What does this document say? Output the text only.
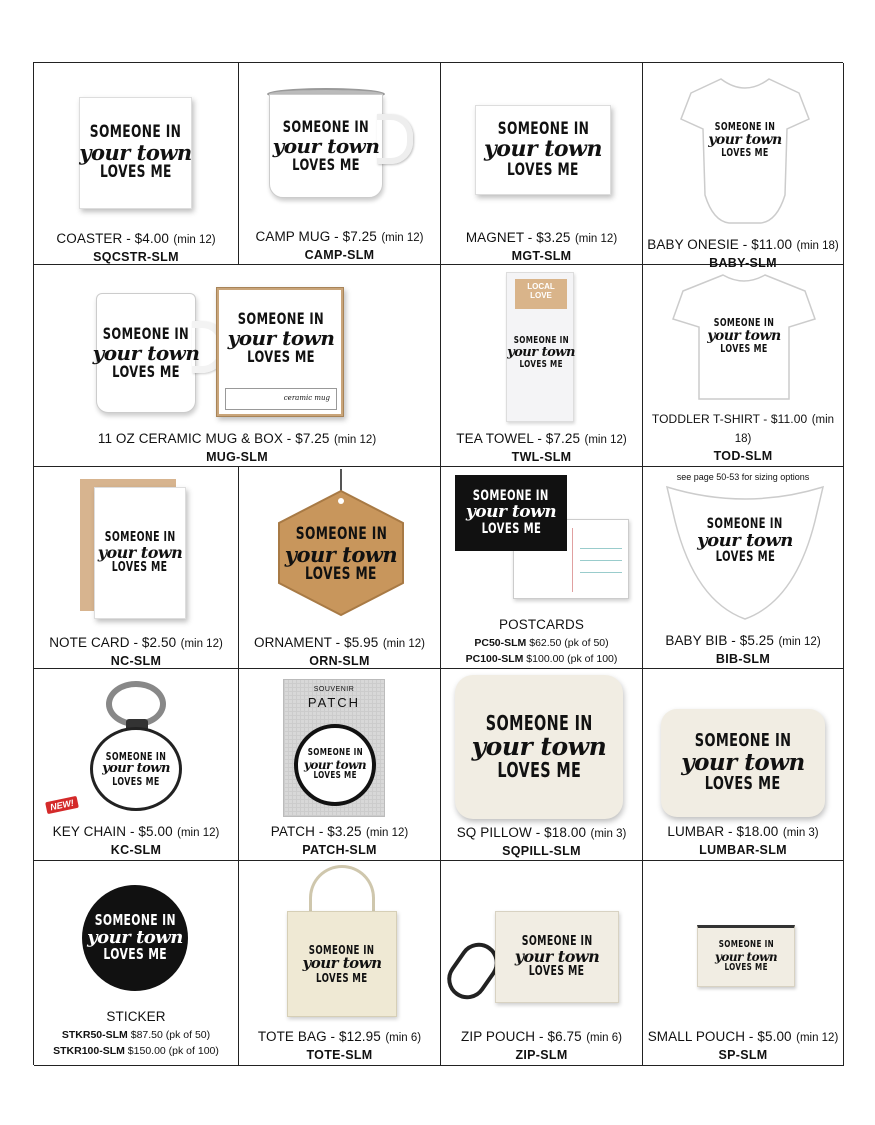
SOMEONE IN
your town
LOVES ME
COASTER - $4.00 (min 12)
SQCSTR-SLM
SOMEONE IN
your town
LOVES ME
CAMP MUG - $7.25 (min 12)
CAMP-SLM
SOMEONE IN
your town
LOVES ME
MAGNET - $3.25 (min 12)
MGT-SLM
SOMEONE IN
your town
LOVES ME
BABY ONESIE - $11.00 (min 18)
BABY-SLM
SOMEONE IN
your town
LOVES ME
SOMEONE IN
your town
LOVES ME
ceramic mug
11 OZ CERAMIC MUG & BOX - $7.25 (min 12)
MUG-SLM
LOCAL
LOVE
SOMEONE IN
your town
LOVES ME
TEA TOWEL - $7.25 (min 12)
TWL-SLM
SOMEONE IN
your town
LOVES ME
TODDLER T-SHIRT - $11.00 (min 18)
TOD-SLM
see page 50-53 for sizing options
SOMEONE IN
your town
LOVES ME
NOTE CARD - $2.50 (min 12)
NC-SLM
SOMEONE IN
your town
LOVES ME
ORNAMENT - $5.95 (min 12)
ORN-SLM
SOMEONE IN
your town
LOVES ME
POSTCARDS
PC50-SLM $62.50 (pk of 50)
PC100-SLM $100.00 (pk of 100)
SOMEONE IN
your town
LOVES ME
BABY BIB - $5.25 (min 12)
BIB-SLM
SOMEONE IN
your town
LOVES ME
NEW!
KEY CHAIN - $5.00 (min 12)
KC-SLM
SOUVENIR
PATCH
SOMEONE IN
your town
LOVES ME
PATCH - $3.25 (min 12)
PATCH-SLM
SOMEONE IN
your town
LOVES ME
SQ PILLOW - $18.00 (min 3)
SQPILL-SLM
SOMEONE IN
your town
LOVES ME
LUMBAR - $18.00 (min 3)
LUMBAR-SLM
SOMEONE IN
your town
LOVES ME
STICKER
STKR50-SLM $87.50 (pk of 50)
STKR100-SLM $150.00 (pk of 100)
SOMEONE IN
your town
LOVES ME
TOTE BAG - $12.95 (min 6)
TOTE-SLM
SOMEONE IN
your town
LOVES ME
ZIP POUCH - $6.75 (min 6)
ZIP-SLM
SOMEONE IN
your town
LOVES ME
SMALL POUCH - $5.00 (min 12)
SP-SLM
